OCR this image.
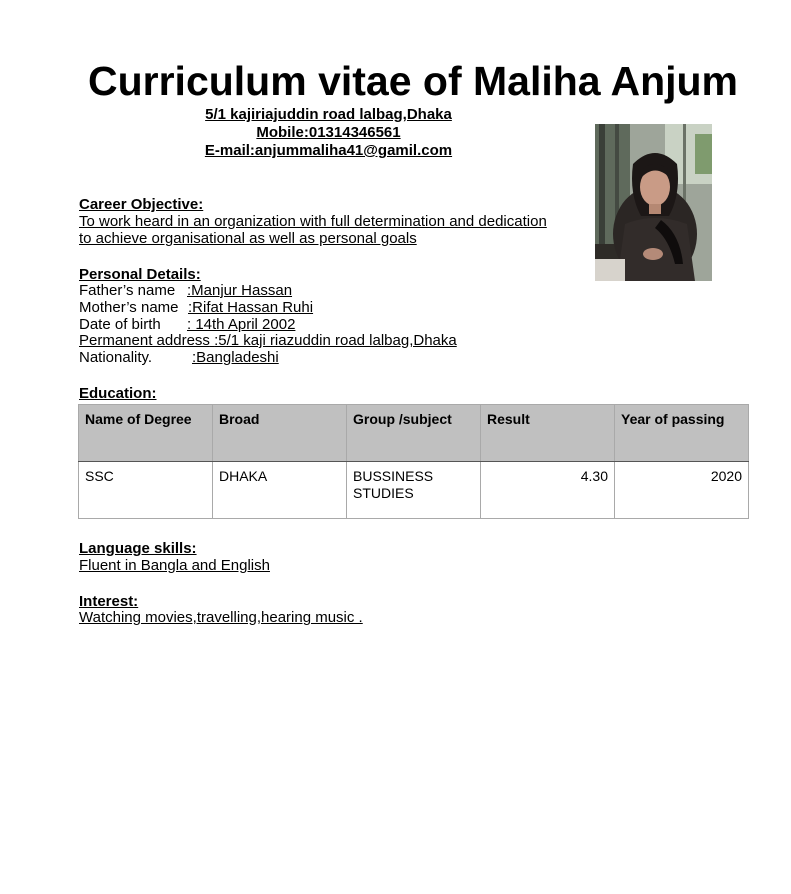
Curriculum vitae of Maliha Anjum
5/1 kajiriajuddin road lalbag,Dhaka
Mobile:01314346561
E-mail:anjummaliha41@gamil.com
Career Objective:
To work heard in an organization with full determination and dedication
to achieve organisational as well as personal goals
Personal Details:
Father’s name :Manjur Hassan
Mother’s name :Rifat Hassan Ruhi
Date of birth : 14th April 2002
Permanent address :5/1 kaji riazuddin road lalbag,Dhaka
Nationality.	:Bangladeshi
Education:
Name of Degree	Broad	Group /subject	Result	Year of passing
SSC	DHAKA	BUSSINESS STUDIES	4.30	2020
Language skills:
Fluent in Bangla and English
Interest:
Watching movies,travelling,hearing music .
